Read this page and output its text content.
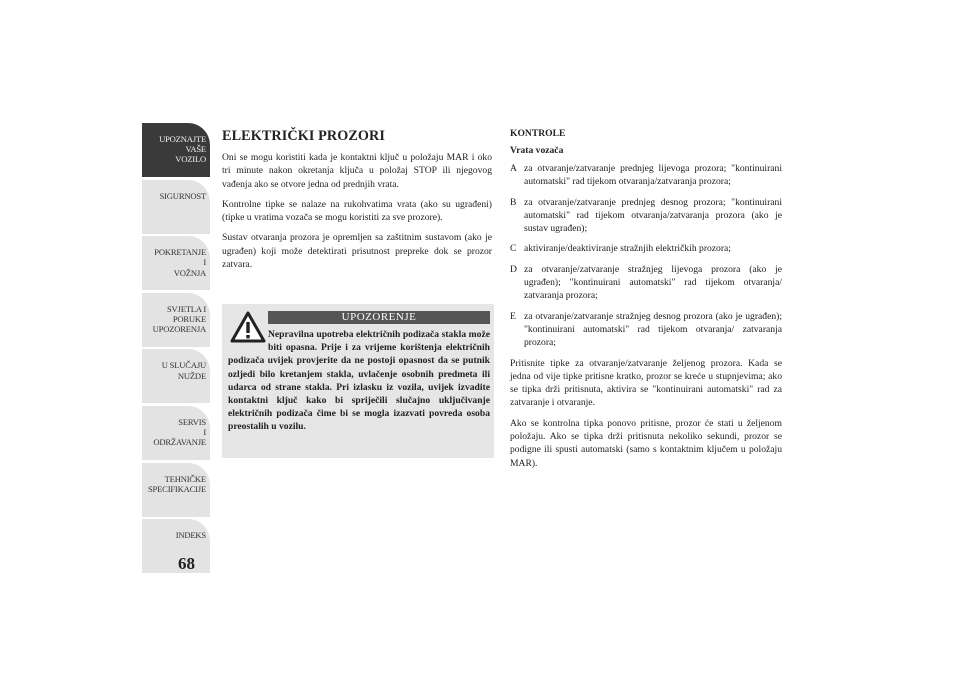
UPOZNAJTE
VAŠE
VOZILO
SIGURNOST
POKRETANJE
I
VOŽNJA
SVJETLA I
PORUKE
UPOZORENJA
U SLUČAJU
NUŽDE
SERVIS
I
ODRŽAVANJE
TEHNIČKE
SPECIFIKACIJE
INDEKS
68
ELEKTRIČKI PROZORI

Oni se mogu koristiti kada je kontaktni ključ u položaju MAR i oko tri minute nakon okretanja ključa u položaj STOP ili njegovog vađenja ako se otvore jedna od prednjih vrata.

Kontrolne tipke se nalaze na rukohvatima vrata (ako su ugrađeni) (tipke u vratima vozača se mogu koristiti za sve prozore).

Sustav otvaranja prozora je opremljen sa zaštitnim sustavom (ako je ugrađen) koji može detektirati prisutnost prepreke dok se prozor zatvara.

UPOZORENJE
Nepravilna upotreba električnih podizača stakla može biti opasna. Prije i za vrijeme korištenja električnih podizača uvijek provjerite da ne postoji opasnost da se putnik ozljedi bilo kretanjem stakla, uvlačenje osobnih predmeta ili udarca od strane stakla. Pri izlasku iz vozila, uvijek izvadite kontaktni ključ kako bi spriječili slučajno uključivanje električnih podizača čime bi se mogla izazvati povreda osoba preostalih u vozilu.
KONTROLE
Vrata vozača
A za otvaranje/zatvaranje prednjeg lijevoga prozora; "kontinuirani automatski" rad tijekom otvaranja/zatvaranja prozora;
B za otvaranje/zatvaranje prednjeg desnog prozora; "kontinuirani automatski" rad tijekom otvaranja/zatvaranja prozora (ako je sustav ugrađen);
C aktiviranje/deaktiviranje stražnjih električkih prozora;
D za otvaranje/zatvaranje stražnjeg lijevoga prozora (ako je ugrađen); "kontinuirani automatski" rad tijekom otvaranja/ zatvaranja prozora;
E za otvaranje/zatvaranje stražnjeg desnog prozora (ako je ugrađen); "kontinuirani automatski" rad tijekom otvaranja/ zatvaranja prozora;

Pritisnite tipke za otvaranje/zatvaranje željenog prozora. Kada se jedna od vije tipke pritisne kratko, prozor se kreće u stupnjevima; ako se tipka drži pritisnuta, aktivira se "kontinuirani automatski" rad za zatvaranje i otvaranje.

Ako se kontrolna tipka ponovo pritisne, prozor će stati u željenom položaju. Ako se tipka drži pritisnuta nekoliko sekundi, prozor se podigne ili spusti automatski (samo s kontaktnim ključem u položaju MAR).
